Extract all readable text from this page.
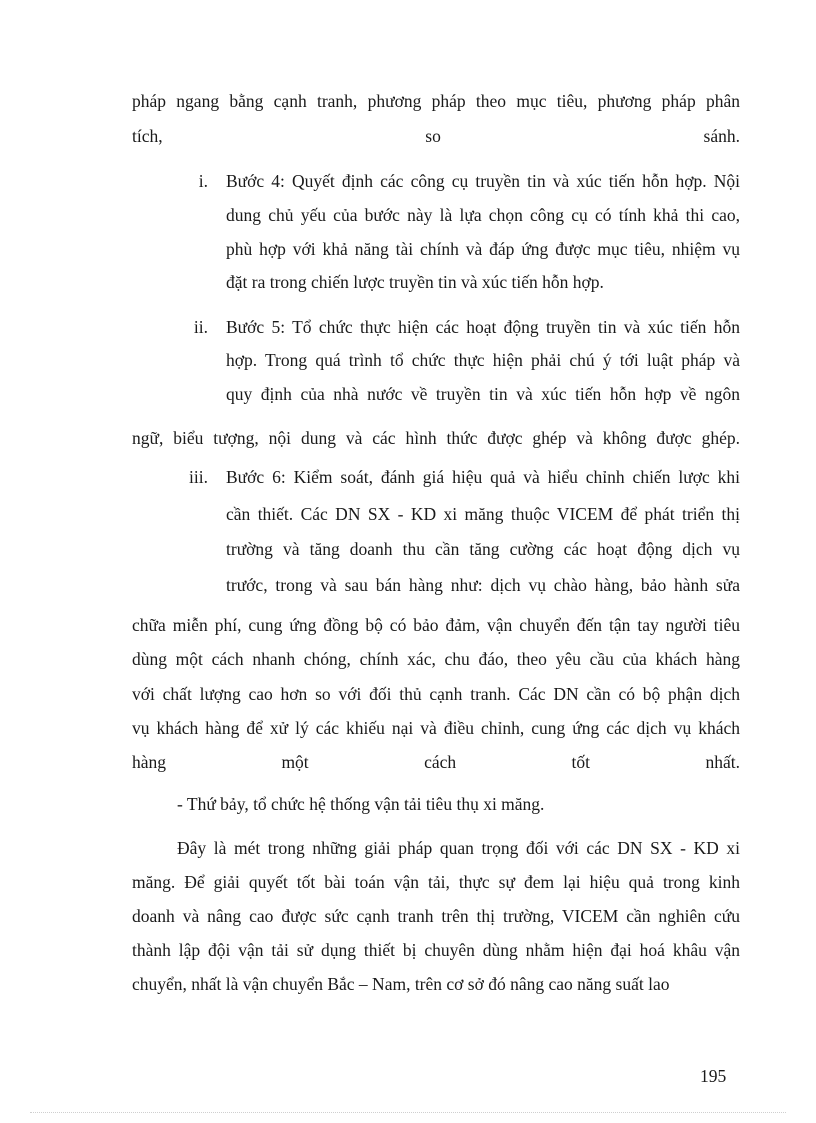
pháp ngang bằng cạnh tranh, phương pháp theo mục tiêu, phương pháp phân
tích,	so	sánh.
i. Bước 4: Quyết định các công cụ truyền tin và xúc tiến hỗn hợp. Nội
dung chủ yếu của bước này là lựa chọn công cụ có tính khả thi cao,
phù hợp với khả năng tài chính và đáp ứng được mục tiêu, nhiệm vụ
đặt ra trong chiến lược truyền tin và xúc tiến hỗn hợp.
ii. Bước 5: Tổ chức thực hiện các hoạt động truyền tin và xúc tiến hỗn
hợp. Trong quá trình tổ chức thực hiện phải chú ý tới luật pháp và
quy định của nhà nước về truyền tin và xúc tiến hỗn hợp về ngôn
ngữ, biểu tượng, nội dung và các hình thức được ghép và không được ghép.
iii. Bước 6: Kiểm soát, đánh giá hiệu quả và hiểu chỉnh chiến lược khi
cần thiết. Các DN SX - KD xi măng thuộc VICEM để phát triển thị
trường và tăng doanh thu cần tăng cường các hoạt động dịch vụ
trước, trong và sau bán hàng như: dịch vụ chào hàng, bảo hành sửa
chữa miễn phí, cung ứng đồng bộ có bảo đảm, vận chuyển đến tận tay người tiêu
dùng một cách nhanh chóng, chính xác, chu đáo, theo yêu cầu của khách hàng
với chất lượng cao hơn so với đối thủ cạnh tranh. Các DN cần có bộ phận dịch
vụ khách hàng để xử lý các khiếu nại và điều chỉnh, cung ứng các dịch vụ khách
hàng	một	cách	tốt	nhất.
- Thứ bảy, tổ chức hệ thống vận tải tiêu thụ xi măng.
Đây là mét trong những giải pháp quan trọng đối với các DN SX - KD xi
măng. Để giải quyết tốt bài toán vận tải, thực sự đem lại hiệu quả trong kinh
doanh và nâng cao được sức cạnh tranh trên thị trường, VICEM cần nghiên cứu
thành lập đội vận tải sử dụng thiết bị chuyên dùng nhằm hiện đại hoá khâu vận
chuyển, nhất là vận chuyển Bắc – Nam, trên cơ sở đó nâng cao năng suất lao
195
